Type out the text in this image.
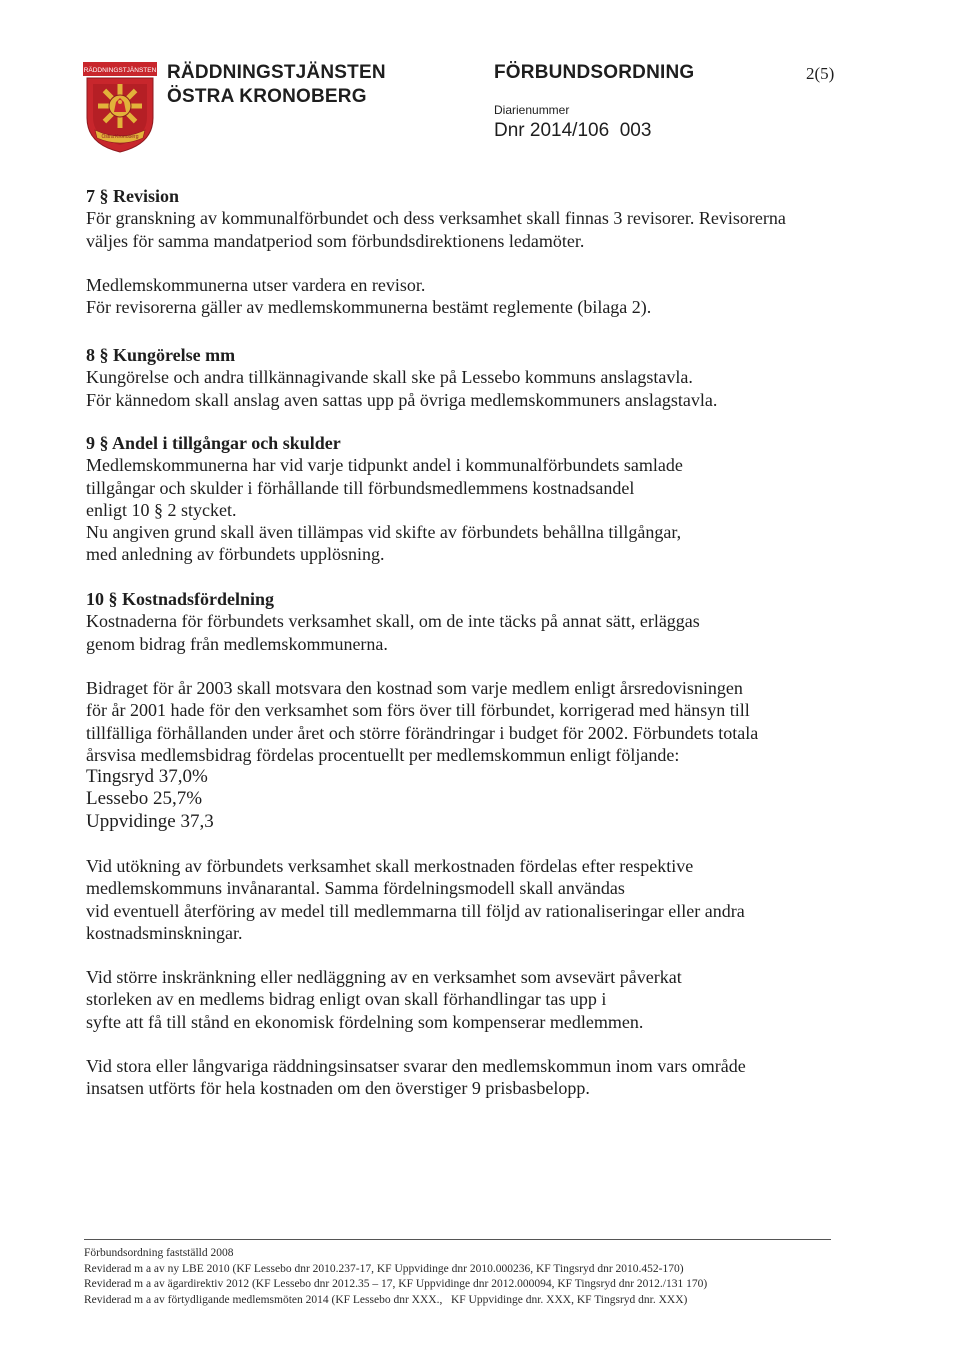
RÄDDNINGSTJÄNSTEN
Östra Kronoberg
RÄDDNINGSTJÄNSTEN
ÖSTRA KRONOBERG
FÖRBUNDSORDNING	2(5)
Diarienummer
Dnr 2014/106  003

7 § Revision

För granskning av kommunalförbundet och dess verksamhet skall finnas 3 revisorer. Revisorerna

väljes för samma mandatperiod som förbundsdirektionens ledamöter.

Medlemskommunerna utser vardera en revisor.

För revisorerna gäller av medlemskommunerna bestämt reglemente (bilaga 2).

8 § Kungörelse mm

Kungörelse och andra tillkännagivande skall ske på Lessebo kommuns anslagstavla.

För kännedom skall anslag aven sattas upp på övriga medlemskommuners anslagstavla.

9 § Andel i tillgångar och skulder

Medlemskommunerna har vid varje tidpunkt andel i kommunalförbundets samlade

tillgångar och skulder i förhållande till förbundsmedlemmens kostnadsandel

enligt 10 § 2 stycket.

Nu angiven grund skall även tillämpas vid skifte av förbundets behållna tillgångar,

med anledning av förbundets upplösning.

10 § Kostnadsfördelning

Kostnaderna för förbundets verksamhet skall, om de inte täcks på annat sätt, erläggas

genom bidrag från medlemskommunerna.

Bidraget för år 2003 skall motsvara den kostnad som varje medlem enligt årsredovisningen

för år 2001 hade för den verksamhet som förs över till förbundet, korrigerad med hänsyn till

tillfälliga förhållanden under året och större förändringar i budget för 2002. Förbundets totala

årsvisa medlemsbidrag fördelas procentuellt per medlemskommun enligt följande:

Tingsryd 37,0%

Lessebo 25,7%

Uppvidinge 37,3

Vid utökning av förbundets verksamhet skall merkostnaden fördelas efter respektive

medlemskommuns invånarantal. Samma fördelningsmodell skall användas

vid eventuell återföring av medel till medlemmarna till följd av rationaliseringar eller andra

kostnadsminskningar.

Vid större inskränkning eller nedläggning av en verksamhet som avsevärt påverkat

storleken av en medlems bidrag enligt ovan skall förhandlingar tas upp i

syfte att få till stånd en ekonomisk fördelning som kompenserar medlemmen.

Vid stora eller långvariga räddningsinsatser svarar den medlemskommun inom vars område

insatsen utförts för hela kostnaden om den överstiger 9 prisbasbelopp.

Förbundsordning fastställd 2008

Reviderad m a av ny LBE 2010 (KF Lessebo dnr 2010.237-17, KF Uppvidinge dnr 2010.000236, KF Tingsryd dnr 2010.452-170)

Reviderad m a av ägardirektiv 2012 (KF Lessebo dnr 2012.35 – 17, KF Uppvidinge dnr 2012.000094, KF Tingsryd dnr 2012./131 170)

Reviderad m a av förtydligande medlemsmöten 2014 (KF Lessebo dnr XXX.,   KF Uppvidinge dnr. XXX, KF Tingsryd dnr. XXX)
